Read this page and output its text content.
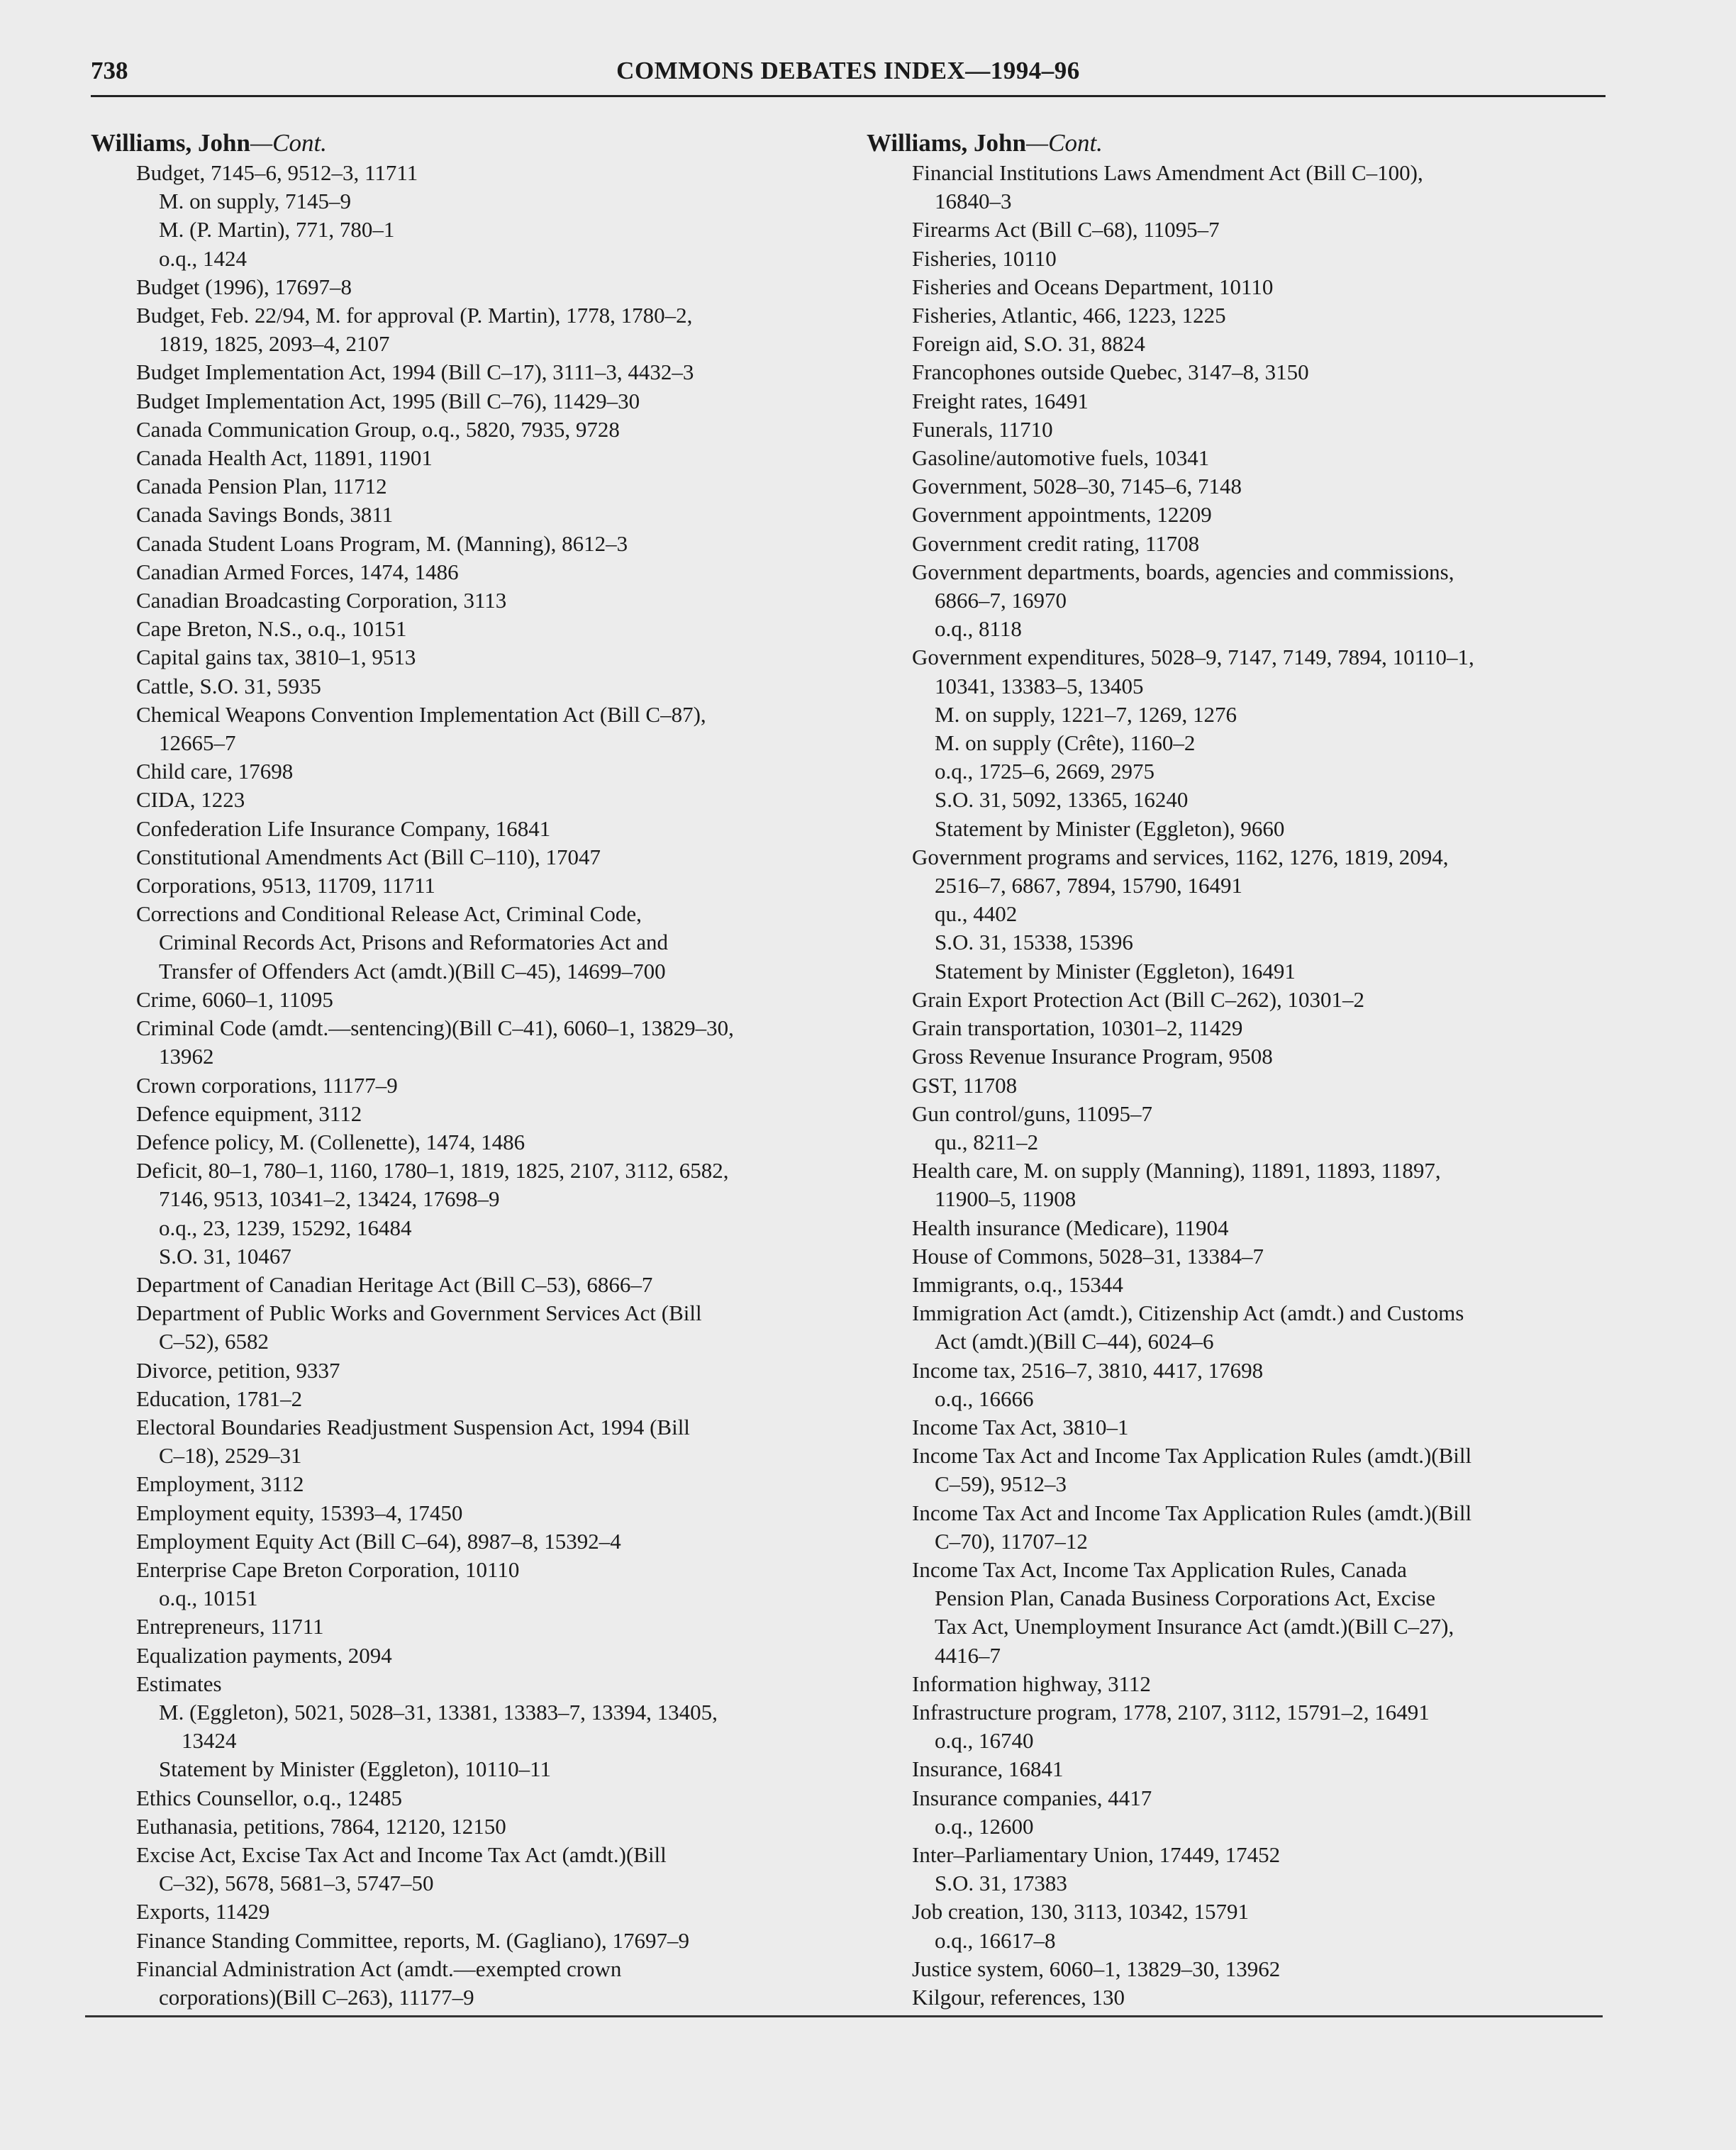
738	COMMONS DEBATES INDEX—1994–96
Williams, John—Cont.
Budget, 7145–6, 9512–3, 11711
M. on supply, 7145–9
M. (P. Martin), 771, 780–1
o.q., 1424
Budget (1996), 17697–8
Budget, Feb. 22/94, M. for approval (P. Martin), 1778, 1780–2,
1819, 1825, 2093–4, 2107
Budget Implementation Act, 1994 (Bill C–17), 3111–3, 4432–3
Budget Implementation Act, 1995 (Bill C–76), 11429–30
Canada Communication Group, o.q., 5820, 7935, 9728
Canada Health Act, 11891, 11901
Canada Pension Plan, 11712
Canada Savings Bonds, 3811
Canada Student Loans Program, M. (Manning), 8612–3
Canadian Armed Forces, 1474, 1486
Canadian Broadcasting Corporation, 3113
Cape Breton, N.S., o.q., 10151
Capital gains tax, 3810–1, 9513
Cattle, S.O. 31, 5935
Chemical Weapons Convention Implementation Act (Bill C–87),
12665–7
Child care, 17698
CIDA, 1223
Confederation Life Insurance Company, 16841
Constitutional Amendments Act (Bill C–110), 17047
Corporations, 9513, 11709, 11711
Corrections and Conditional Release Act, Criminal Code,
Criminal Records Act, Prisons and Reformatories Act and
Transfer of Offenders Act (amdt.)(Bill C–45), 14699–700
Crime, 6060–1, 11095
Criminal Code (amdt.—sentencing)(Bill C–41), 6060–1, 13829–30,
13962
Crown corporations, 11177–9
Defence equipment, 3112
Defence policy, M. (Collenette), 1474, 1486
Deficit, 80–1, 780–1, 1160, 1780–1, 1819, 1825, 2107, 3112, 6582,
7146, 9513, 10341–2, 13424, 17698–9
o.q., 23, 1239, 15292, 16484
S.O. 31, 10467
Department of Canadian Heritage Act (Bill C–53), 6866–7
Department of Public Works and Government Services Act (Bill
C–52), 6582
Divorce, petition, 9337
Education, 1781–2
Electoral Boundaries Readjustment Suspension Act, 1994 (Bill
C–18), 2529–31
Employment, 3112
Employment equity, 15393–4, 17450
Employment Equity Act (Bill C–64), 8987–8, 15392–4
Enterprise Cape Breton Corporation, 10110
o.q., 10151
Entrepreneurs, 11711
Equalization payments, 2094
Estimates
M. (Eggleton), 5021, 5028–31, 13381, 13383–7, 13394, 13405,
13424
Statement by Minister (Eggleton), 10110–11
Ethics Counsellor, o.q., 12485
Euthanasia, petitions, 7864, 12120, 12150
Excise Act, Excise Tax Act and Income Tax Act (amdt.)(Bill
C–32), 5678, 5681–3, 5747–50
Exports, 11429
Finance Standing Committee, reports, M. (Gagliano), 17697–9
Financial Administration Act (amdt.—exempted crown
corporations)(Bill C–263), 11177–9
Williams, John—Cont.
Financial Institutions Laws Amendment Act (Bill C–100),
16840–3
Firearms Act (Bill C–68), 11095–7
Fisheries, 10110
Fisheries and Oceans Department, 10110
Fisheries, Atlantic, 466, 1223, 1225
Foreign aid, S.O. 31, 8824
Francophones outside Quebec, 3147–8, 3150
Freight rates, 16491
Funerals, 11710
Gasoline/automotive fuels, 10341
Government, 5028–30, 7145–6, 7148
Government appointments, 12209
Government credit rating, 11708
Government departments, boards, agencies and commissions,
6866–7, 16970
o.q., 8118
Government expenditures, 5028–9, 7147, 7149, 7894, 10110–1,
10341, 13383–5, 13405
M. on supply, 1221–7, 1269, 1276
M. on supply (Crête), 1160–2
o.q., 1725–6, 2669, 2975
S.O. 31, 5092, 13365, 16240
Statement by Minister (Eggleton), 9660
Government programs and services, 1162, 1276, 1819, 2094,
2516–7, 6867, 7894, 15790, 16491
qu., 4402
S.O. 31, 15338, 15396
Statement by Minister (Eggleton), 16491
Grain Export Protection Act (Bill C–262), 10301–2
Grain transportation, 10301–2, 11429
Gross Revenue Insurance Program, 9508
GST, 11708
Gun control/guns, 11095–7
qu., 8211–2
Health care, M. on supply (Manning), 11891, 11893, 11897,
11900–5, 11908
Health insurance (Medicare), 11904
House of Commons, 5028–31, 13384–7
Immigrants, o.q., 15344
Immigration Act (amdt.), Citizenship Act (amdt.) and Customs
Act (amdt.)(Bill C–44), 6024–6
Income tax, 2516–7, 3810, 4417, 17698
o.q., 16666
Income Tax Act, 3810–1
Income Tax Act and Income Tax Application Rules (amdt.)(Bill
C–59), 9512–3
Income Tax Act and Income Tax Application Rules (amdt.)(Bill
C–70), 11707–12
Income Tax Act, Income Tax Application Rules, Canada
Pension Plan, Canada Business Corporations Act, Excise
Tax Act, Unemployment Insurance Act (amdt.)(Bill C–27),
4416–7
Information highway, 3112
Infrastructure program, 1778, 2107, 3112, 15791–2, 16491
o.q., 16740
Insurance, 16841
Insurance companies, 4417
o.q., 12600
Inter–Parliamentary Union, 17449, 17452
S.O. 31, 17383
Job creation, 130, 3113, 10342, 15791
o.q., 16617–8
Justice system, 6060–1, 13829–30, 13962
Kilgour, references, 130
